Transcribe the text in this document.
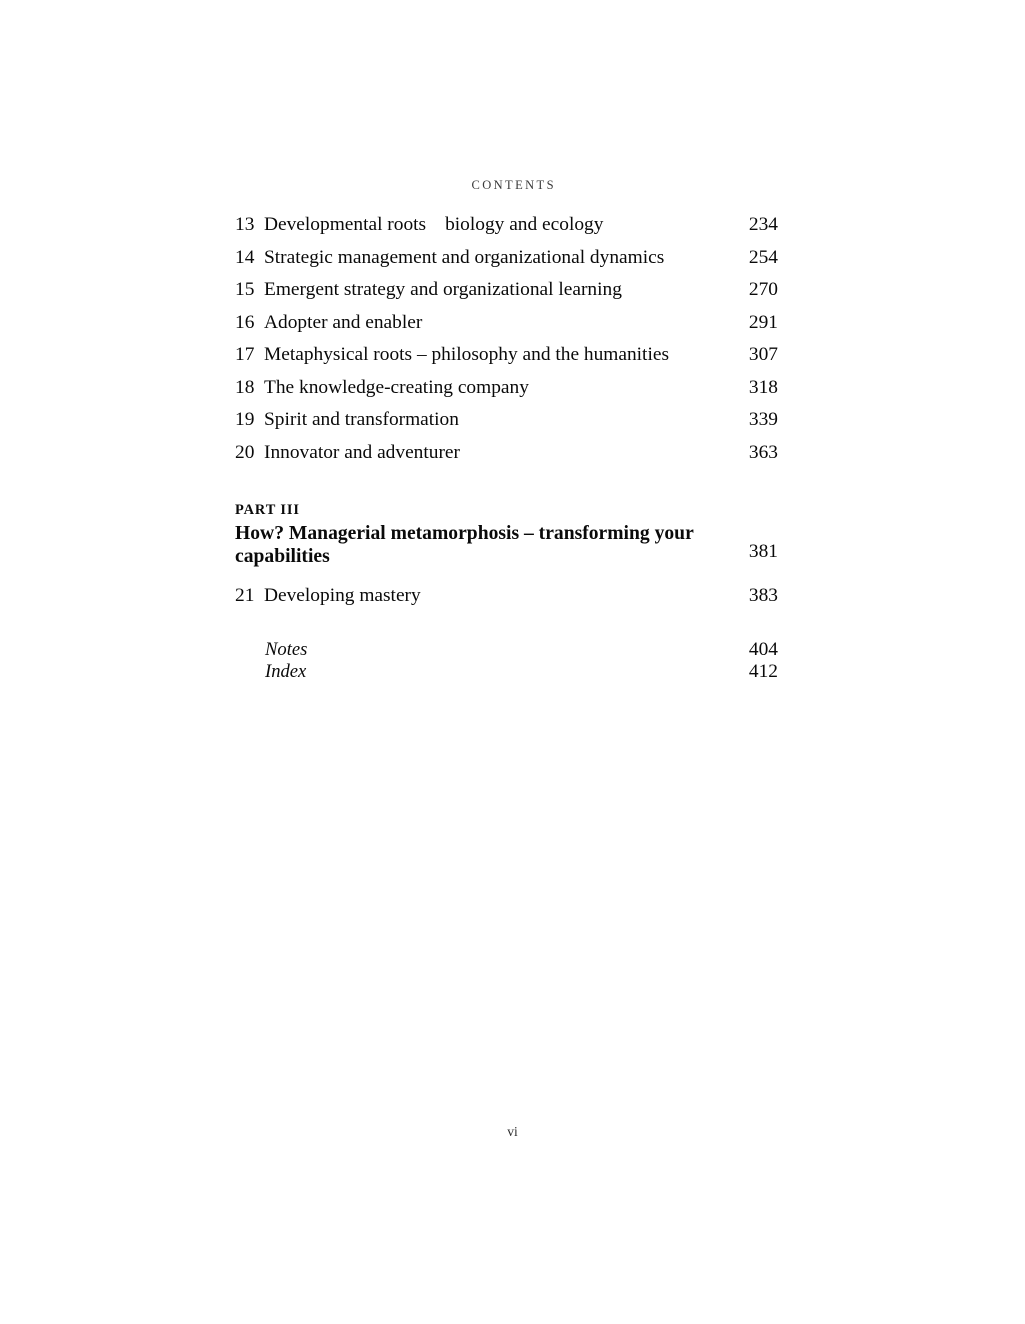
CONTENTS
13 Developmental roots biology and ecology	234
14 Strategic management and organizational dynamics	254
15 Emergent strategy and organizational learning	270
16 Adopter and enabler	291
17 Metaphysical roots – philosophy and the humanities	307
18 The knowledge-creating company	318
19 Spirit and transformation	339
20 Innovator and adventurer	363
PART III
How? Managerial metamorphosis – transforming your capabilities	381
21 Developing mastery	383
Notes	404
Index	412
vi
